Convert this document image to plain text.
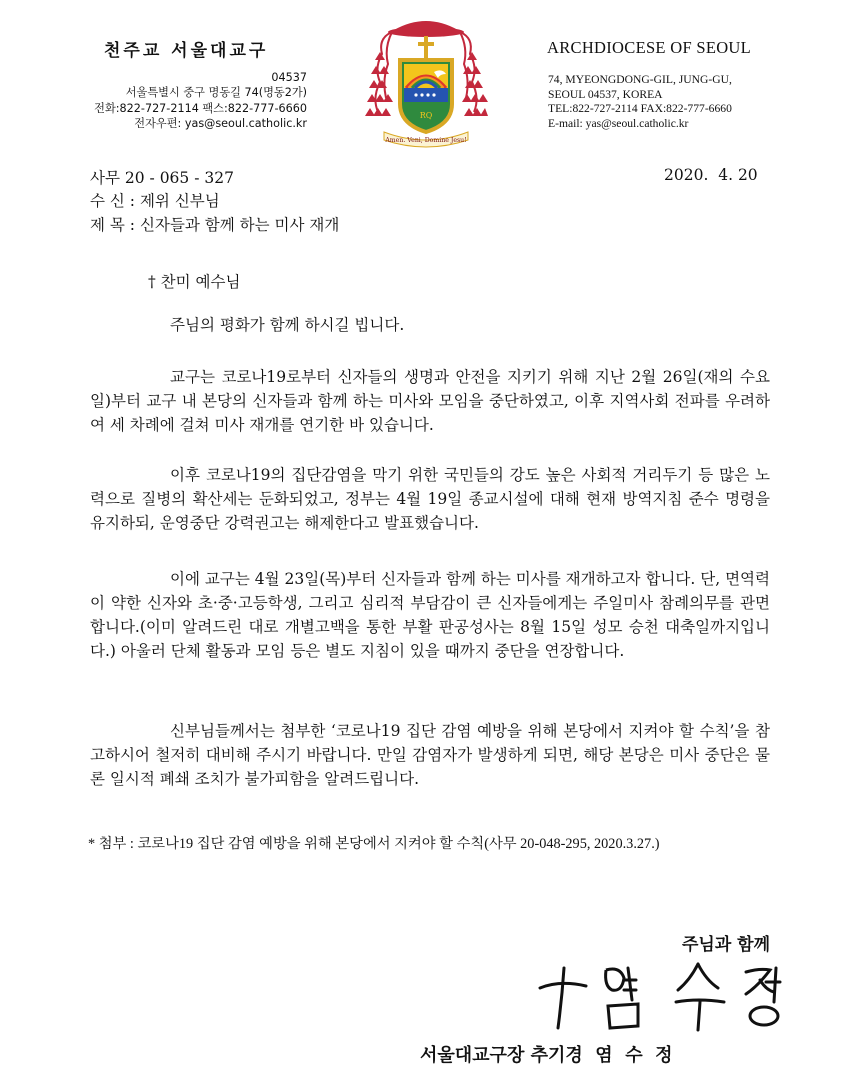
천주교 서울대교구
04537
서울특별시 중구 명동길 74(명동2가)
전화:822-727-2114 팩스:822-777-6660
전자우편: yas@seoul.catholic.kr
RQ
Amen. Veni, Domine Jesu!
ARCHDIOCESE OF SEOUL
74, MYEONGDONG-GIL, JUNG-GU,
SEOUL 04537, KOREA
TEL:822-727-2114 FAX:822-777-6660
E-mail: yas@seoul.catholic.kr
사무 20 - 065 - 327	2020.  4. 20
수 신 : 제위 신부님
제 목 : 신자들과 함께 하는 미사 재개
† 찬미 예수님
주님의 평화가 함께 하시길 빕니다.
교구는 코로나19로부터 신자들의 생명과 안전을 지키기 위해 지난 2월 26일(재의 수요일)부터 교구 내 본당의 신자들과 함께 하는 미사와 모임을 중단하였고, 이후 지역사회 전파를 우려하여 세 차례에 걸쳐 미사 재개를 연기한 바 있습니다.
이후 코로나19의 집단감염을 막기 위한 국민들의 강도 높은 사회적 거리두기 등 많은 노력으로 질병의 확산세는 둔화되었고, 정부는 4월 19일 종교시설에 대해 현재 방역지침 준수 명령을 유지하되, 운영중단 강력권고는 해제한다고 발표했습니다.
이에 교구는 4월 23일(목)부터 신자들과 함께 하는 미사를 재개하고자 합니다. 단, 면역력이 약한 신자와 초·중·고등학생, 그리고 심리적 부담감이 큰 신자들에게는 주일미사 참례의무를 관면합니다.(이미 알려드린 대로 개별고백을 통한 부활 판공성사는 8월 15일 성모 승천 대축일까지입니다.) 아울러 단체 활동과 모임 등은 별도 지침이 있을 때까지 중단을 연장합니다.
신부님들께서는 첨부한 ‘코로나19 집단 감염 예방을 위해 본당에서 지켜야 할 수칙’을 참고하시어 철저히 대비해 주시기 바랍니다. 만일 감염자가 발생하게 되면, 해당 본당은 미사 중단은 물론 일시적 폐쇄 조치가 불가피함을 알려드립니다.
* 첨부 : 코로나19 집단 감염 예방을 위해 본당에서 지켜야 할 수칙(사무 20-048-295, 2020.3.27.)
주님과 함께
서울대교구장 추기경  염  수  정
